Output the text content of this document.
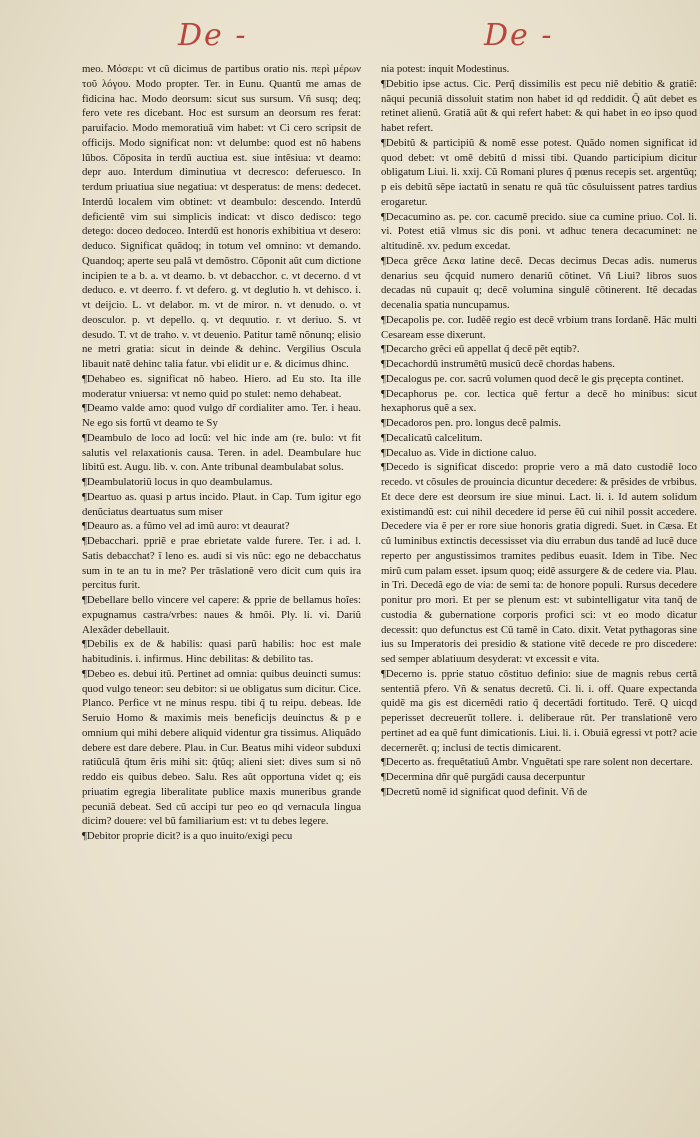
De -	De -

meo. Μόσερι: vt cũ dicimus de partibus oratio nis. περὶ μέρων τοῦ λόγου. Modo propter. Ter. in Eunu. Quantũ me amas de fidicina hac. Modo deorsum: sicut sus sursum. Vñ susq; deq; fero vete res dicebant. Hoc est sursum an deorsum res ferat: paruifacio. Modo memoratiuã vim habet: vt Ci cero scripsit de officijs. Modo significat non: vt delumbe: quod est nõ habens lũbos. Cõposita in terdũ auctiua est. siue intẽsiua: vt deamo: depr auo. Interdum diminutiua vt decresco: deferuesco. In terdum priuatiua siue negatiua: vt desperatus: de mens: dedecet. Interdũ localem vim obtinet: vt deambulo: descendo. Interdũ deficientẽ vim sui simplicis indicat: vt disco dedisco: tego detego: doceo dedoceo. Interdũ est honoris exhibitiua vt desero: deduco. Significat quãdoq; in totum vel omnino: vt demando. Quandoq; aperte seu palã vt demõstro. Cõponit aũt cum dictione incipien te a b. a. vt deamo. b. vt debacchor. c. vt decerno. d vt deduco. e. vt deerro. f. vt defero. g. vt deglutio h. vt dehisco. i. vt deijcio. L. vt delabor. m. vt de miror. n. vt denudo. o. vt deosculor. p. vt depello. q. vt dequutio. r. vt deriuo. S. vt desudo. T. vt de traho. v. vt deuenio. Patitur tamẽ nõnunq; elisio ne metri gratia: sicut in deinde & dehinc. Vergilius Oscula libauit natẽ dehinc talia fatur. vbi elidit ur e. & dicimus dhinc.

¶Dehabeo es. significat nõ habeo. Hiero. ad Eu sto. Ita ille moderatur vniuersa: vt nemo quid po stulet: nemo dehabeat.

¶Deamo valde amo: quod vulgo dr̃ cordialiter amo. Ter. i heau. Ne ego sis fortũ vt deamo te Sy

¶Deambulo de loco ad locũ: vel hic inde am (re. bulo: vt fit salutis vel relaxationis causa. Teren. in adel. Deambulare huc libitũ est. Augu. lib. v. con. Ante tribunal deambulabat solus.

¶Deambulatoriũ locus in quo deambulamus.

¶Deartuo as. quasi p artus incido. Plaut. in Cap. Tum igitur ego denũciatus deartuatus sum miser

¶Deauro as. a fũmo vel ad imũ auro: vt deaurat?

¶Debacchari. ppriẽ e prae ebrietate valde furere. Ter. i ad. l. Satis debacchat? ĩ leno es. audi si vis nũc: ego ne debacchatus sum in te an tu in me? Per trãslationẽ vero dicit cum quis ira percitus furit.

¶Debellare bello vincere vel capere: & pprie de bellamus hoĩes: expugnamus castra/vrbes: naues & hmõi. Ply. li. vi. Dariũ Alexãder debellauit.

¶Debilis ex de & habilis: quasi parũ habilis: hoc est male habitudinis. i. infirmus. Hinc debilitas: & debilito tas.

¶Debeo es. debui itũ. Pertinet ad omnia: quibus deuincti sumus: quod vulgo teneor: seu debitor: si ue obligatus sum dicitur. Cice. Planco. Perfice vt ne minus respu. tibi q̃ tu reipu. debeas. Ide Seruio Homo & maximis meis beneficijs deuinctus & p e omnium qui mihi debere aliquid videntur gra tissimus. Aliquãdo debere est dare debere. Plau. in Cur. Beatus mihi videor subduxi ratiũculã q̃tum ẽris mihi sit: q̃tũq; alieni siet: dives sum si nõ reddo eis quibus debeo. Salu. Res aũt opportuna videt q; eis priuatim egregia liberalitate publice maxis muneribus grande pecuniã debeat. Sed cũ accipi tur peo eo qd vernacula lingua dicim? douere: vel bũ familiarium est: vt tu debes legere.

¶Debitor proprie dicit? is a quo inuito/exigi pecu

nia potest: inquit Modestinus.

¶Debitio ipse actus. Cic. Perq̃ dissimilis est pecu niẽ debitio & gratiẽ: nãqui pecuniã dissoluit statim non habet id qd reddidit. Q̃ aũt debet es retinet alienũ. Gratiã aũt & qui refert habet: & qui habet in eo ipso quod habet refert.

¶Debitũ & participiũ & nomẽ esse potest. Quãdo nomen significat id quod debet: vt omẽ debitũ d missi tibi. Quando participium dicitur obligatum Liui. li. xxij. Cũ Romani plures q̃ pœnus recepis set. argentũq; p eis debitũ sẽpe iactatũ in senatu re quã tũc cõsuluissent patres tardius erogaretur.

¶Decacumino as. pe. cor. cacumẽ precido. siue ca cumine priuo. Col. li. vi. Potest etiã vlmus sic dis poni. vt adhuc tenera decacuminet: ne altitudinẽ. xv. pedum excedat.

¶Deca grẽce Δεκα latine decẽ. Decas decimus Decas adis. numerus denarius seu q̃cquid numero denariũ cõtinet. Vñ Liui? libros suos decadas nũ cupauit q; decẽ volumina singulẽ cõtinerent. Itẽ decadas decenalia spatia nuncupamus.

¶Decapolis pe. cor. Iudẽẽ regio est decẽ vrbium trans Iordanẽ. Hãc multi Cesaream esse dixerunt.

¶Decarcho grẽci eũ appellat q̃ decẽ pẽt eqtib?.

¶Decachordũ instrumẽtũ musicũ decẽ chordas habens.

¶Decalogus pe. cor. sacrũ volumen quod decẽ le gis pręcepta continet.

¶Decaphorus pe. cor. lectica quẽ fertur a decẽ ho minibus: sicut hexaphorus quẽ a sex.

¶Decadoros pen. pro. longus decẽ palmis.

¶Decalicatũ calcelitum.

¶Decaluo as. Vide in dictione caluo.

¶Decedo is significat discedo: proprie vero a mã dato custodiẽ loco recedo. vt cõsules de prouincia dicuntur decedere: & prẽsides de vrbibus. Et dece dere est deorsum ire siue minui. Lact. li. i. Id autem solidum existimandũ est: cui nihil decedere id perse ẽũ cui nihil possit accedere. Decedere via ẽ per er rore siue honoris gratia digredi. Suet. in Cæsa. Et cũ luminibus extinctis decessisset via diu errabun dus tandẽ ad lucẽ duce reperto per angustissimos tramites pedibus euasit. Idem in Tibe. Nec mirũ cum palam esset. ipsum quoq; eidẽ assurgere & de cedere via. Plau. in Tri. Decedã ego de via: de semi ta: de honore populi. Rursus decedere ponitur pro mori. Et per se plenum est: vt subintelligatur vita tanq̃ de custodia & gubernatione corporis profici sci: vt eo modo dicatur decessit: quo defunctus est Cũ tamẽ in Cato. dixit. Vetat pythagoras sine ius su Imperatoris dei presidio & statione vitẽ decede re pro discedere: sed semper ablatiuum desyderat: vt excessit e vita.

¶Decerno is. pprie statuo cõstituo definio: siue de magnis rebus certã sententiã pfero. Vñ & senatus decretũ. Ci. li. i. off. Quare expectanda quidẽ ma gis est dicernẽdi ratio q̃ decertãdi fortitudo. Terẽ. Q uicqd peperisset decreuerũt tollere. i. deliberaue rũt. Per translationẽ vero pertinet ad ea quẽ funt dimicationis. Liui. li. i. Obuiã egressi vt pott? acie decernerẽt. q; inclusi de tectis dimicarent.

¶Decerto as. frequẽtatiuũ Ambr. Vnguẽtati spe rare solent non decertare.

¶Decermina dñr quẽ purgãdi causa decerpuntur

¶Decretũ nomẽ id significat quod definit. Vñ de
